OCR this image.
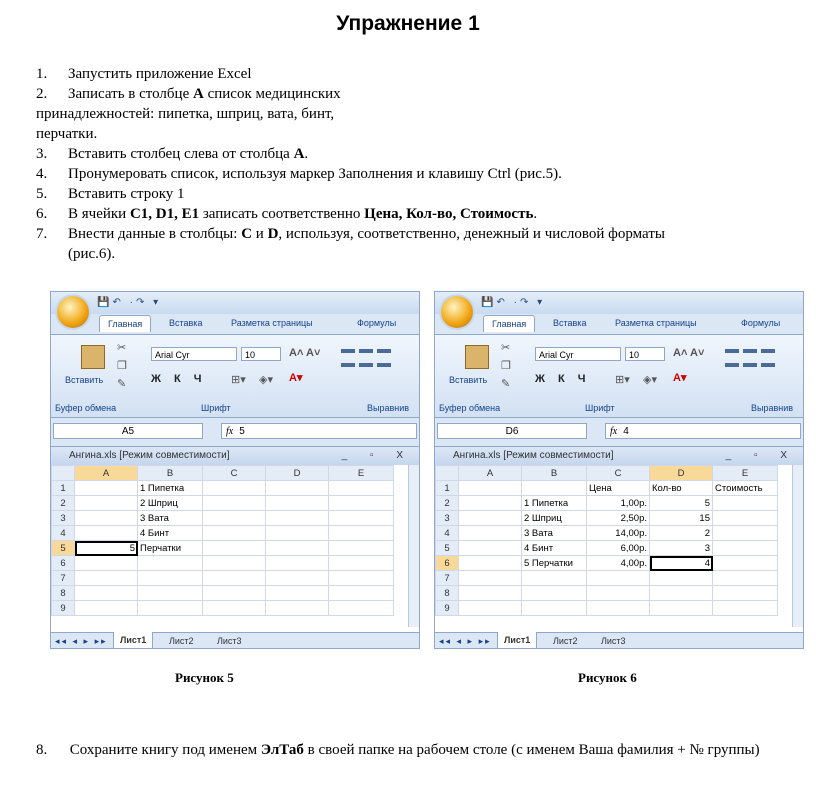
Упражнение 1
1. Запустить приложение Excel
2. Записать в столбце A список медицинских
принадлежностей: пипетка, шприц, вата, бинт,
перчатки.
3. Вставить столбец слева от столбца A.
4. Пронумеровать список, используя маркер Заполнения и клавишу Ctrl (рис.5).
5. Вставить строку 1
6. В ячейки C1, D1, E1 записать соответственно Цена, Кол-во, Стоимость.
7. Внести данные в столбцы: C и D, используя, соответственно, денежный и числовой форматы
(рис.6).
💾↶ ·↷ ▾
Главная	Вставка	Разметка страницы	Формулы
Вставить
✂
❐
✎
Arial Cyr	10	A˄ A˅
Ж К Ч ⊞▾ ◈▾ A▾

Буфер обмена	Шрифт	Выравнив
A5	fx 5
Ангина.xls [Режим совместимости]	_ ▫ X
	A	B	C	D	E
1		1 Пипетка			
2		2 Шприц			
3		3 Вата			
4		4 Бинт			
5	5	Перчатки			
6					
7					
8					
9					
◂◂ ◂ ▸ ▸▸	Лист1	Лист2	Лист3
💾↶ ·↷ ▾
Главная	Вставка	Разметка страницы	Формулы
Вставить
✂
❐
✎
Arial Cyr	10	A˄ A˅
Ж К Ч ⊞▾ ◈▾ A▾

Буфер обмена	Шрифт	Выравнив
D6	fx 4
Ангина.xls [Режим совместимости]	_ ▫ X
	A	B	C	D	E
1			Цена	Кол-во	Стоимость
2		1 Пипетка	1,00р.	5	
3		2 Шприц	2,50р.	15	
4		3 Вата	14,00р.	2	
5		4 Бинт	6,00р.	3	
6		5 Перчатки	4,00р.	4	
7					
8					
9					
◂◂ ◂ ▸ ▸▸	Лист1	Лист2	Лист3
Рисунок 5	Рисунок 6
8. Сохраните книгу под именем ЭлТаб в своей папке на рабочем столе (с именем Ваша фамилия + № группы)
